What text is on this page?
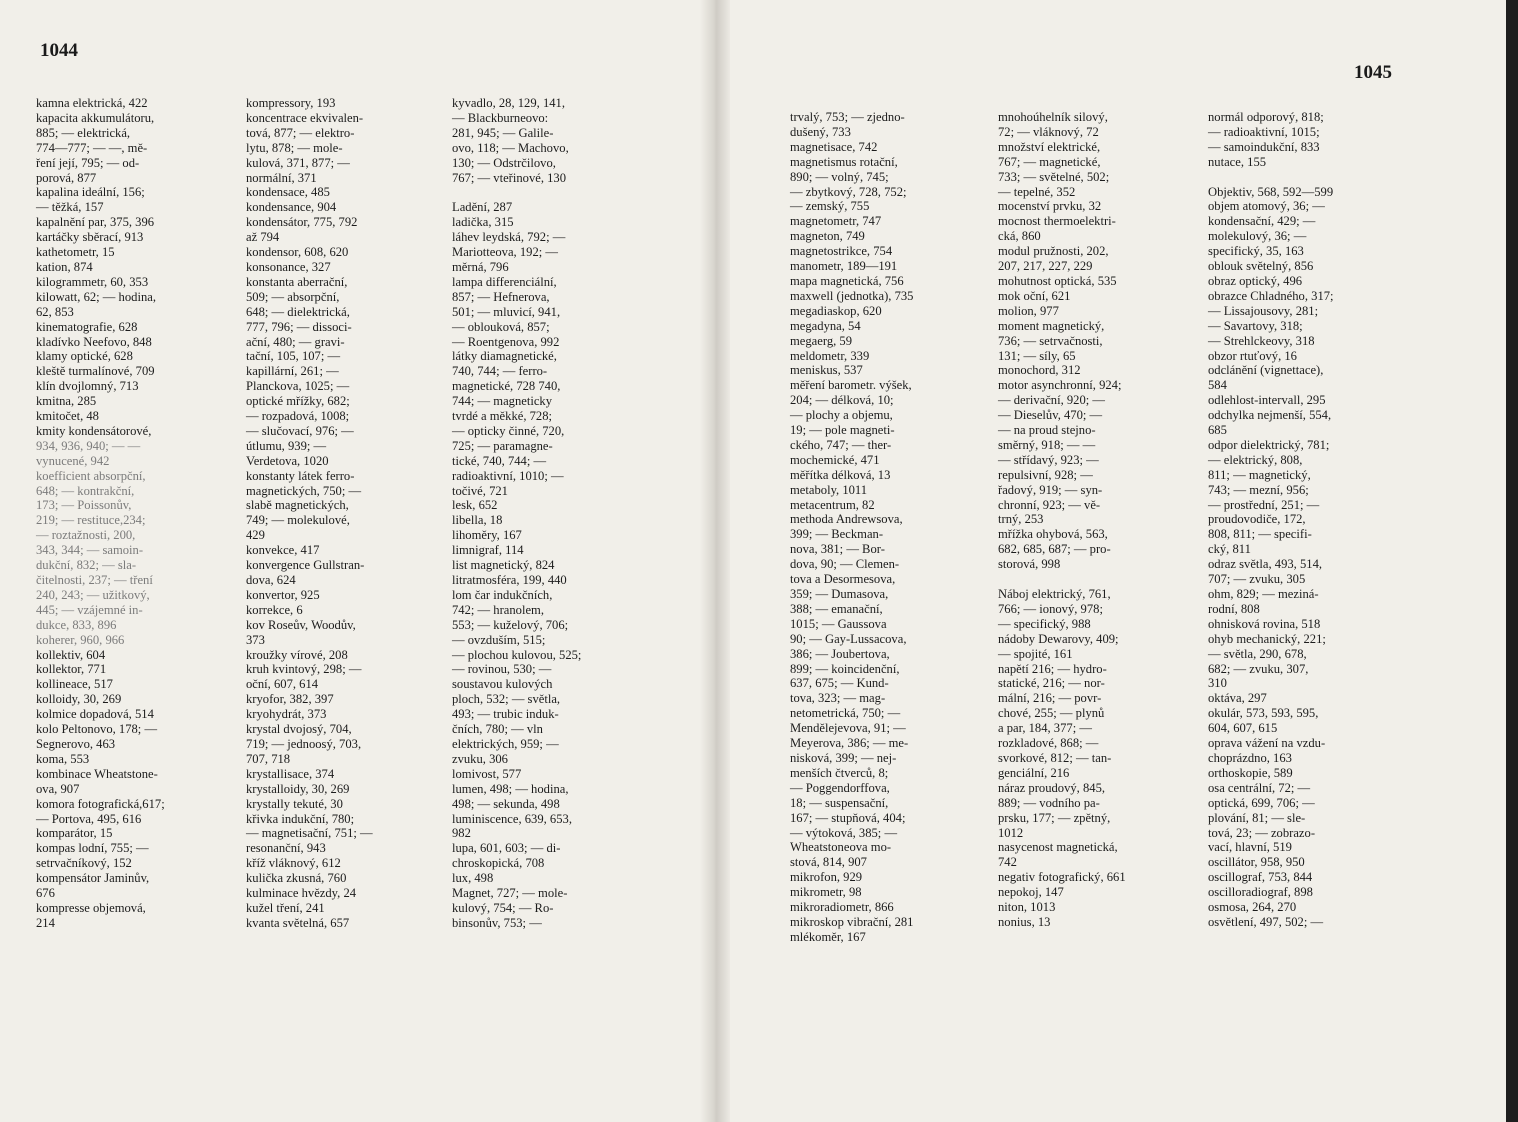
1044
1045

kamna elektrická, 422

kapacita akkumulátoru,

885; — elektrická,

774—777; — —, mě-

ření její, 795; — od-

porová, 877

kapalina ideální, 156;

— těžká, 157

kapalnění par, 375, 396

kartáčky sběrací, 913

kathetometr, 15

kation, 874

kilogrammetr, 60, 353

kilowatt, 62; — hodina,

62, 853

kinematografie, 628

kladívko Neefovo, 848

klamy optické, 628

kleště turmalínové, 709

klín dvojlomný, 713

kmitna, 285

kmitočet, 48

kmity kondensátorové,

934, 936, 940; — —

vynucené, 942

koefficient absorpční,

648; — kontrakční,

173; — Poissonův,

219; — restituce,234;

— roztažnosti, 200,

343, 344; — samoin-

dukční, 832; — sla-

čitelnosti, 237; — tření

240, 243; — užitkový,

445; — vzájemné in-

dukce, 833, 896

koherer, 960, 966

kollektiv, 604

kollektor, 771

kollineace, 517

kolloidy, 30, 269

kolmice dopadová, 514

kolo Peltonovo, 178; —

Segnerovo, 463

koma, 553

kombinace Wheatstone-

ova, 907

komora fotografická,617;

— Portova, 495, 616

komparátor, 15

kompas lodní, 755; —

setrvačníkový, 152

kompensátor Jaminův,

676

kompresse objemová,

214

kompressory, 193

koncentrace ekvivalen-

tová, 877; — elektro-

lytu, 878; — mole-

kulová, 371, 877; —

normální, 371

kondensace, 485

kondensance, 904

kondensátor, 775, 792

až 794

kondensor, 608, 620

konsonance, 327

konstanta aberrační,

509; — absorpční,

648; — dielektrická,

777, 796; — dissoci-

ační, 480; — gravi-

tační, 105, 107; —

kapillární, 261; —

Planckova, 1025; —

optické mřížky, 682;

— rozpadová, 1008;

— slučovací, 976; —

útlumu, 939; —

Verdetova, 1020

konstanty látek ferro-

magnetických, 750; —

slabě magnetických,

749; — molekulové,

429

konvekce, 417

konvergence Gullstran-

dova, 624

konvertor, 925

korrekce, 6

kov Roseův, Woodův,

373

kroužky vírové, 208

kruh kvintový, 298; —

oční, 607, 614

kryofor, 382, 397

kryohydrát, 373

krystal dvojosý, 704,

719; — jednoosý, 703,

707, 718

krystallisace, 374

krystalloidy, 30, 269

krystally tekuté, 30

křivka indukční, 780;

— magnetisační, 751; —

resonanční, 943

kříž vláknový, 612

kulička zkusná, 760

kulminace hvězdy, 24

kužel tření, 241

kvanta světelná, 657

kyvadlo, 28, 129, 141,

— Blackburneovo:

281, 945; — Galile-

ovo, 118; — Machovo,

130; — Odstrčilovo,

767; — vteřinové, 130

Ladění, 287

ladička, 315

láhev leydská, 792; —

Mariotteova, 192; —

měrná, 796

lampa differenciální,

857; — Hefnerova,

501; — mluvicí, 941,

— oblouková, 857;

— Roentgenova, 992

látky diamagnetické,

740, 744; — ferro-

magnetické, 728 740,

744; — magneticky

tvrdé a měkké, 728;

— opticky činné, 720,

725; — paramagne-

tické, 740, 744; —

radioaktivní, 1010; —

točivé, 721

lesk, 652

libella, 18

lihoměry, 167

limnigraf, 114

list magnetický, 824

litratmosféra, 199, 440

lom čar indukčních,

742; — hranolem,

553; — kuželový, 706;

— ovzduším, 515;

— plochou kulovou, 525;

— rovinou, 530; —

soustavou kulových

ploch, 532; — světla,

493; — trubic induk-

čních, 780; — vln

elektrických, 959; —

zvuku, 306

lomivost, 577

lumen, 498; — hodina,

498; — sekunda, 498

luminiscence, 639, 653,

982

lupa, 601, 603; — di-

chroskopická, 708

lux, 498

Magnet, 727; — mole-

kulový, 754; — Ro-

binsonův, 753; —

trvalý, 753; — zjedno-

dušený, 733

magnetisace, 742

magnetismus rotační,

890; — volný, 745;

— zbytkový, 728, 752;

— zemský, 755

magnetometr, 747

magneton, 749

magnetostrikce, 754

manometr, 189—191

mapa magnetická, 756

maxwell (jednotka), 735

megadiaskop, 620

megadyna, 54

megaerg, 59

meldometr, 339

meniskus, 537

měření barometr. výšek,

204; — délková, 10;

— plochy a objemu,

19; — pole magneti-

ckého, 747; — ther-

mochemické, 471

měřítka délková, 13

metaboly, 1011

metacentrum, 82

methoda Andrewsova,

399; — Beckman-

nova, 381; — Bor-

dova, 90; — Clemen-

tova a Desormesova,

359; — Dumasova,

388; — emanační,

1015; — Gaussova

90; — Gay-Lussacova,

386; — Joubertova,

899; — koincidenční,

637, 675; — Kund-

tova, 323; — mag-

netometrická, 750; —

Mendělejevova, 91; —

Meyerova, 386; — me-

nisková, 399; — nej-

menších čtverců, 8;

— Poggendorffova,

18; — suspensační,

167; — stupňová, 404;

— výtoková, 385; —

Wheatstoneova mo-

stová, 814, 907

mikrofon, 929

mikrometr, 98

mikroradiometr, 866

mikroskop vibrační, 281

mlékoměr, 167

mnohoúhelník silový,

72; — vláknový, 72

množství elektrické,

767; — magnetické,

733; — světelné, 502;

— tepelné, 352

mocenství prvku, 32

mocnost thermoelektri-

cká, 860

modul pružnosti, 202,

207, 217, 227, 229

mohutnost optická, 535

mok oční, 621

molion, 977

moment magnetický,

736; — setrvačnosti,

131; — síly, 65

monochord, 312

motor asynchronní, 924;

— derivační, 920; —

— Dieselův, 470; —

— na proud stejno-

směrný, 918; — —

— střídavý, 923; —

repulsivní, 928; —

řadový, 919; — syn-

chronní, 923; — vě-

trný, 253

mřížka ohybová, 563,

682, 685, 687; — pro-

storová, 998

Náboj elektrický, 761,

766; — ionový, 978;

— specifický, 988

nádoby Dewarovy, 409;

— spojité, 161

napětí 216; — hydro-

statické, 216; — nor-

mální, 216; — povr-

chové, 255; — plynů

a par, 184, 377; —

rozkladové, 868; —

svorkové, 812; — tan-

genciální, 216

náraz proudový, 845,

889; — vodního pa-

prsku, 177; — zpětný,

1012

nasycenost magnetická,

742

negativ fotografický, 661

nepokoj, 147

niton, 1013

nonius, 13

normál odporový, 818;

— radioaktivní, 1015;

— samoindukční, 833

nutace, 155

Objektiv, 568, 592—599

objem atomový, 36; —

kondensační, 429; —

molekulový, 36; —

specifický, 35, 163

oblouk světelný, 856

obraz optický, 496

obrazce Chladného, 317;

— Lissajousovy, 281;

— Savartovy, 318;

— Strehlckeovy, 318

obzor rtuťový, 16

odclánění (vignettace),

584

odlehlost-intervall, 295

odchylka nejmenší, 554,

685

odpor dielektrický, 781;

— elektrický, 808,

811; — magnetický,

743; — mezní, 956;

— prostřední, 251; —

proudovodiče, 172,

808, 811; — specifi-

cký, 811

odraz světla, 493, 514,

707; — zvuku, 305

ohm, 829; — meziná-

rodní, 808

ohnisková rovina, 518

ohyb mechanický, 221;

— světla, 290, 678,

682; — zvuku, 307,

310

oktáva, 297

okulár, 573, 593, 595,

604, 607, 615

oprava vážení na vzdu-

choprázdno, 163

orthoskopie, 589

osa centrální, 72; —

optická, 699, 706; —

plování, 81; — sle-

tová, 23; — zobrazo-

vací, hlavní, 519

oscillátor, 958, 950

oscillograf, 753, 844

oscilloradiograf, 898

osmosa, 264, 270

osvětlení, 497, 502; —
